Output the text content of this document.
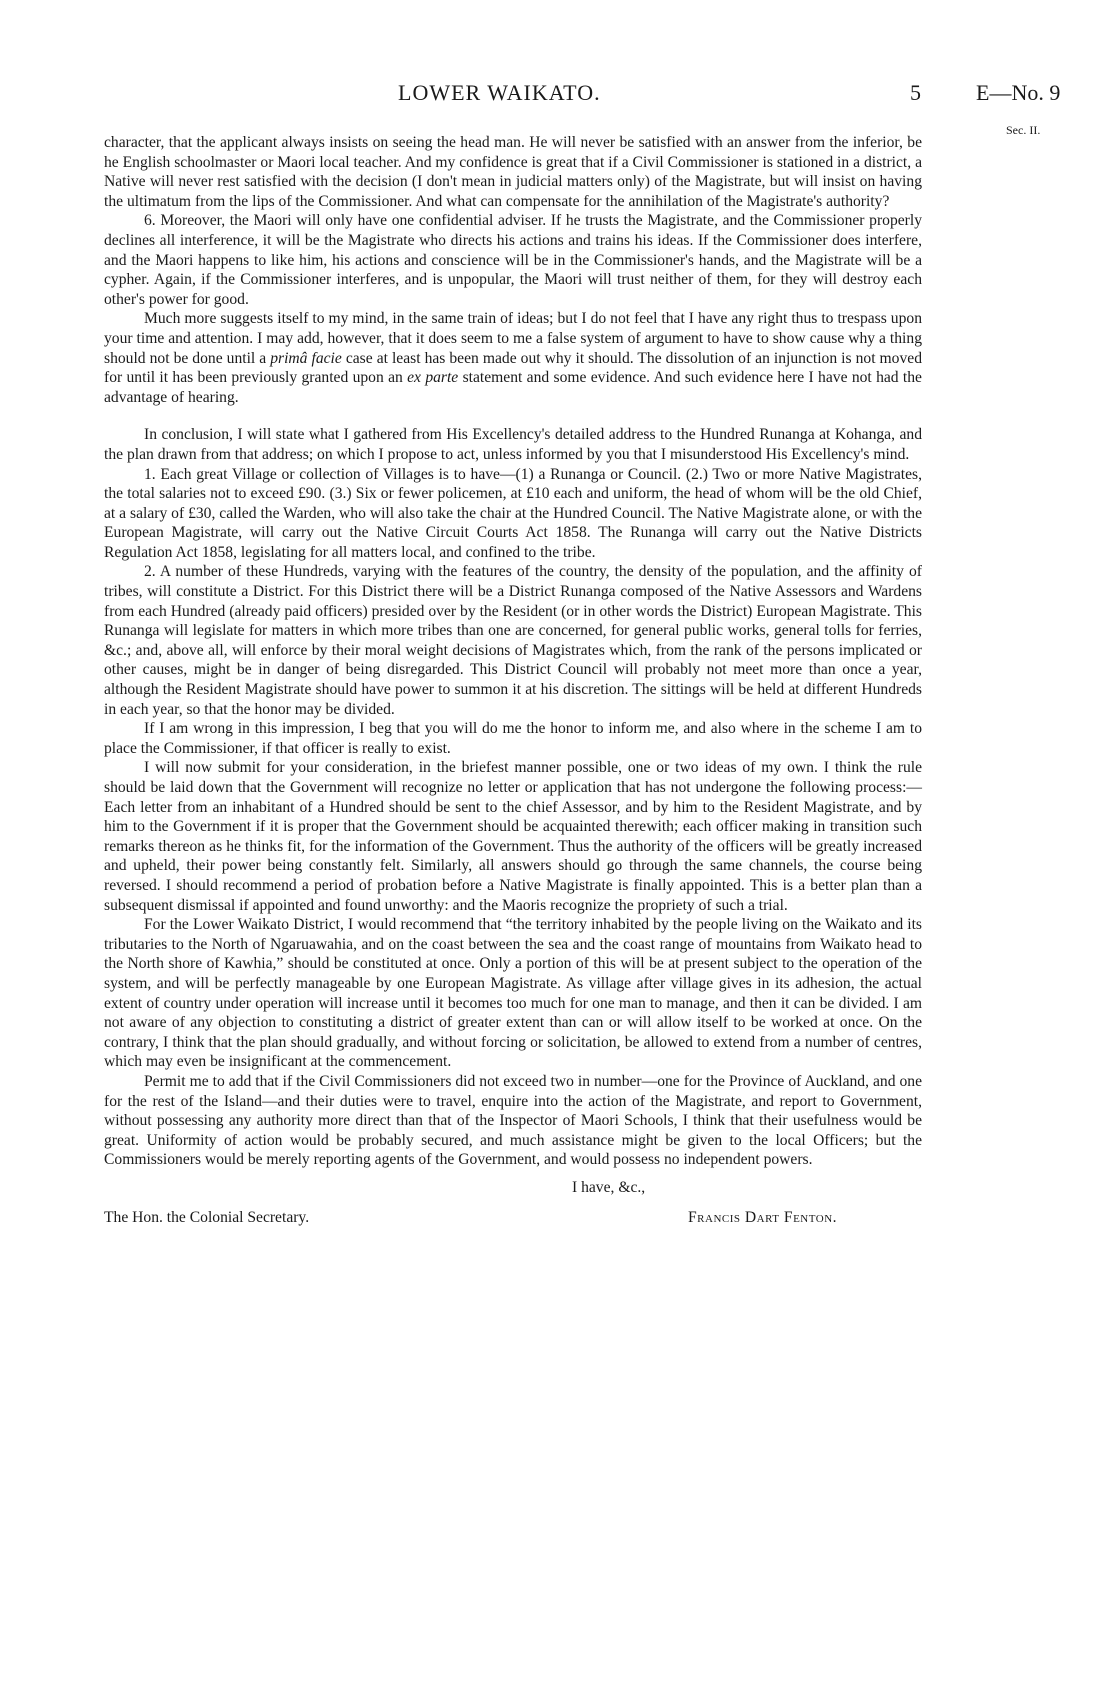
LOWER WAIKATO.	5	E—No. 9
Sec. II.

character, that the applicant always insists on seeing the head man. He will never be satisfied with an answer from the inferior, be he English schoolmaster or Maori local teacher. And my confidence is great that if a Civil Commissioner is stationed in a district, a Native will never rest satisfied with the decision (I don't mean in judicial matters only) of the Magistrate, but will insist on having the ultimatum from the lips of the Commissioner. And what can compensate for the annihilation of the Magistrate's authority?

6. Moreover, the Maori will only have one confidential adviser. If he trusts the Magistrate, and the Commissioner properly declines all interference, it will be the Magistrate who directs his actions and trains his ideas. If the Commissioner does interfere, and the Maori happens to like him, his actions and conscience will be in the Commissioner's hands, and the Magistrate will be a cypher. Again, if the Commissioner interferes, and is unpopular, the Maori will trust neither of them, for they will destroy each other's power for good.

Much more suggests itself to my mind, in the same train of ideas; but I do not feel that I have any right thus to trespass upon your time and attention. I may add, however, that it does seem to me a false system of argument to have to show cause why a thing should not be done until a primâ facie case at least has been made out why it should. The dissolution of an injunction is not moved for until it has been previously granted upon an ex parte statement and some evidence. And such evidence here I have not had the advantage of hearing.

In conclusion, I will state what I gathered from His Excellency's detailed address to the Hundred Runanga at Kohanga, and the plan drawn from that address; on which I propose to act, unless informed by you that I misunderstood His Excellency's mind.

1. Each great Village or collection of Villages is to have—(1) a Runanga or Council. (2.) Two or more Native Magistrates, the total salaries not to exceed £90. (3.) Six or fewer policemen, at £10 each and uniform, the head of whom will be the old Chief, at a salary of £30, called the Warden, who will also take the chair at the Hundred Council. The Native Magistrate alone, or with the European Magistrate, will carry out the Native Circuit Courts Act 1858. The Runanga will carry out the Native Districts Regulation Act 1858, legislating for all matters local, and confined to the tribe.

2. A number of these Hundreds, varying with the features of the country, the density of the population, and the affinity of tribes, will constitute a District. For this District there will be a District Runanga composed of the Native Assessors and Wardens from each Hundred (already paid officers) presided over by the Resident (or in other words the District) European Magistrate. This Runanga will legislate for matters in which more tribes than one are concerned, for general public works, general tolls for ferries, &c.; and, above all, will enforce by their moral weight decisions of Magistrates which, from the rank of the persons implicated or other causes, might be in danger of being disregarded. This District Council will probably not meet more than once a year, although the Resident Magistrate should have power to summon it at his discretion. The sittings will be held at different Hundreds in each year, so that the honor may be divided.

If I am wrong in this impression, I beg that you will do me the honor to inform me, and also where in the scheme I am to place the Commissioner, if that officer is really to exist.

I will now submit for your consideration, in the briefest manner possible, one or two ideas of my own. I think the rule should be laid down that the Government will recognize no letter or application that has not undergone the following process:—Each letter from an inhabitant of a Hundred should be sent to the chief Assessor, and by him to the Resident Magistrate, and by him to the Government if it is proper that the Government should be acquainted therewith; each officer making in transition such remarks thereon as he thinks fit, for the information of the Government. Thus the authority of the officers will be greatly increased and upheld, their power being constantly felt. Similarly, all answers should go through the same channels, the course being reversed. I should recommend a period of probation before a Native Magistrate is finally appointed. This is a better plan than a subsequent dismissal if appointed and found unworthy: and the Maoris recognize the propriety of such a trial.

For the Lower Waikato District, I would recommend that “the territory inhabited by the people living on the Waikato and its tributaries to the North of Ngaruawahia, and on the coast between the sea and the coast range of mountains from Waikato head to the North shore of Kawhia,” should be constituted at once. Only a portion of this will be at present subject to the operation of the system, and will be perfectly manageable by one European Magistrate. As village after village gives in its adhesion, the actual extent of country under operation will increase until it becomes too much for one man to manage, and then it can be divided. I am not aware of any objection to constituting a district of greater extent than can or will allow itself to be worked at once. On the contrary, I think that the plan should gradually, and without forcing or solicitation, be allowed to extend from a number of centres, which may even be insignificant at the commencement.

Permit me to add that if the Civil Commissioners did not exceed two in number—one for the Province of Auckland, and one for the rest of the Island—and their duties were to travel, enquire into the action of the Magistrate, and report to Government, without possessing any authority more direct than that of the Inspector of Maori Schools, I think that their usefulness would be great. Uniformity of action would be probably secured, and much assistance might be given to the local Officers; but the Commissioners would be merely reporting agents of the Government, and would possess no independent powers.

I have, &c.,
The Hon. the Colonial Secretary.	Francis Dart Fenton.
